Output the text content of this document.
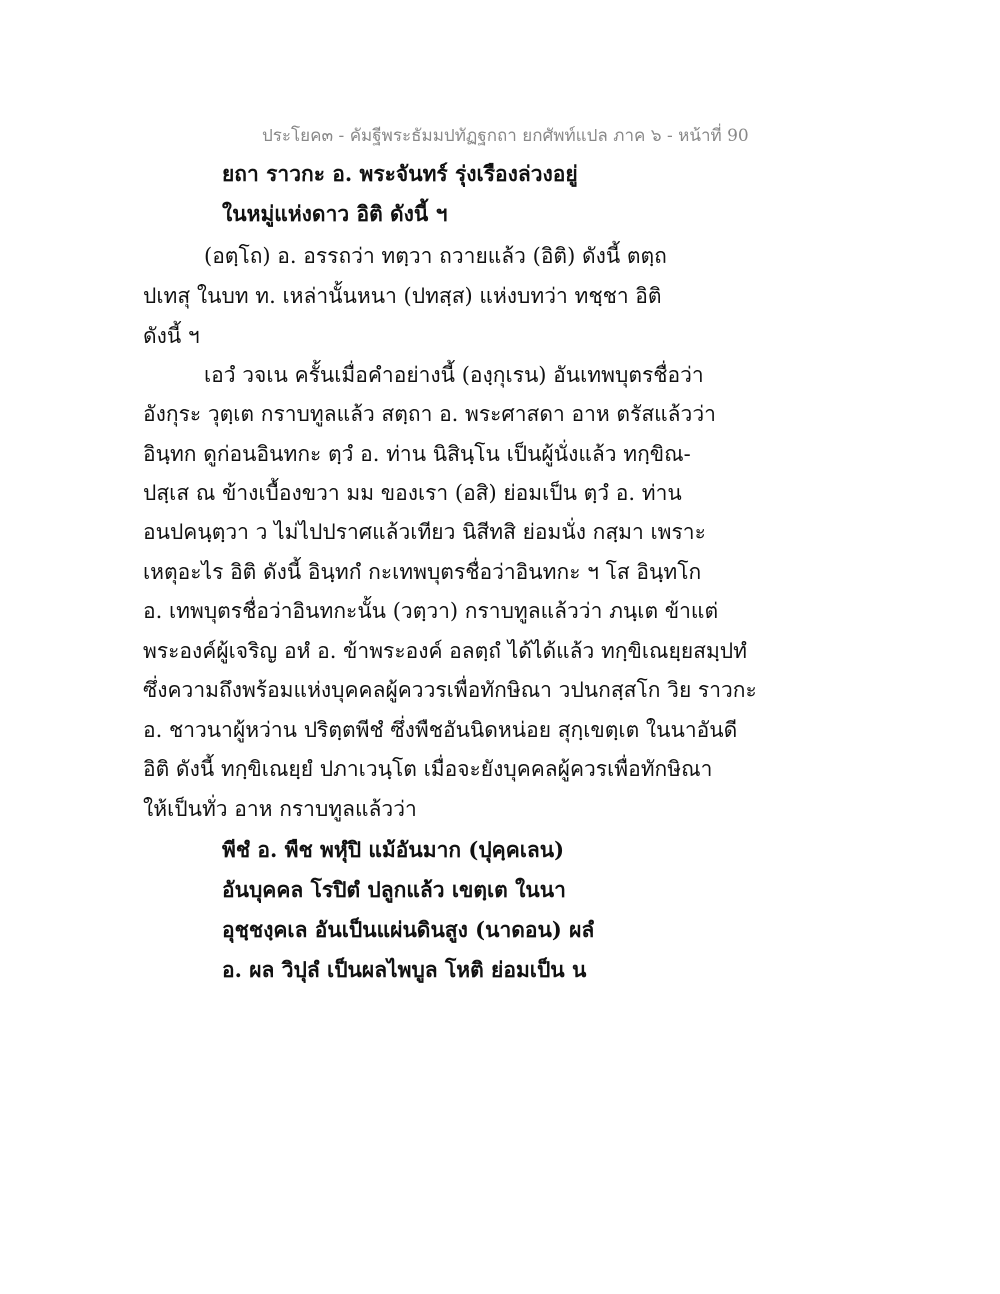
ประโยค๓ - คัมฐีพระธัมมปทัฏฐกถา ยกศัพท์แปล ภาค ๖ - หน้าที่ 90
ยถา ราวกะ อ. พระจันทร์ รุ่งเรืองล่วงอยู่
ในหมู่แห่งดาว อิติ ดังนี้ ฯ
(อตฺโถ) อ. อรรถว่า ทตฺวา ถวายแล้ว (อิติ) ดังนี้ ตตฺถ
ปเทสุ ในบท ท. เหล่านั้นหนา (ปทสฺส) แห่งบทว่า ทชฺชา อิติ
ดังนี้ ฯ
เอวํ วจเน ครั้นเมื่อคำอย่างนี้ (องฺกุเรน) อันเทพบุตรชื่อว่า
อังกุระ วุตฺเต กราบทูลแล้ว สตฺถา อ. พระศาสดา อาห ตรัสแล้วว่า
อินฺทก ดูก่อนอินทกะ ตฺวํ อ. ท่าน นิสินฺโน เป็นผู้นั่งแล้ว ทกฺขิณ-
ปสฺเส ณ ข้างเบื้องขวา มม ของเรา (อสิ) ย่อมเป็น ตฺวํ อ. ท่าน
อนปคนฺตฺวา ว ไม่ไปปราศแล้วเทียว นิสีทสิ ย่อมนั่ง กสฺมา เพราะ
เหตุอะไร อิติ ดังนี้ อินฺทกํ กะเทพบุตรชื่อว่าอินทกะ ฯ โส อินฺทโก
อ. เทพบุตรชื่อว่าอินทกะนั้น (วตฺวา) กราบทูลแล้วว่า ภนฺเต ข้าแต่
พระองค์ผู้เจริญ อหํ อ. ข้าพระองค์ อลตฺถํ ได้ได้แล้ว ทกฺขิเณยฺยสมฺปทํ
ซึ่งความถึงพร้อมแห่งบุคคลผู้คววรเพื่อทักษิณา วปนกสฺสโก วิย ราวกะ
อ. ชาวนาผู้หว่าน ปริตฺตพีชํ ซึ่งพืชอันนิดหน่อย สุกฺเขตฺเต ในนาอันดี
อิติ ดังนี้ ทกฺขิเณยฺยํ ปภาเวนฺโต เมื่อจะยังบุคคลผู้ควรเพื่อทักษิณา
ให้เป็นทั่ว อาห กราบทูลแล้วว่า
พีชํ อ. พืช พหุํปิ แม้อันมาก (ปุคฺคเลน)
อันบุคคล โรปิตํ ปลูกแล้ว เขตฺเต ในนา
อุชฺชงฺคเล อันเป็นแผ่นดินสูง (นาดอน) ผลํ
อ. ผล วิปุลํ เป็นผลไพบูล โหติ ย่อมเป็น น
